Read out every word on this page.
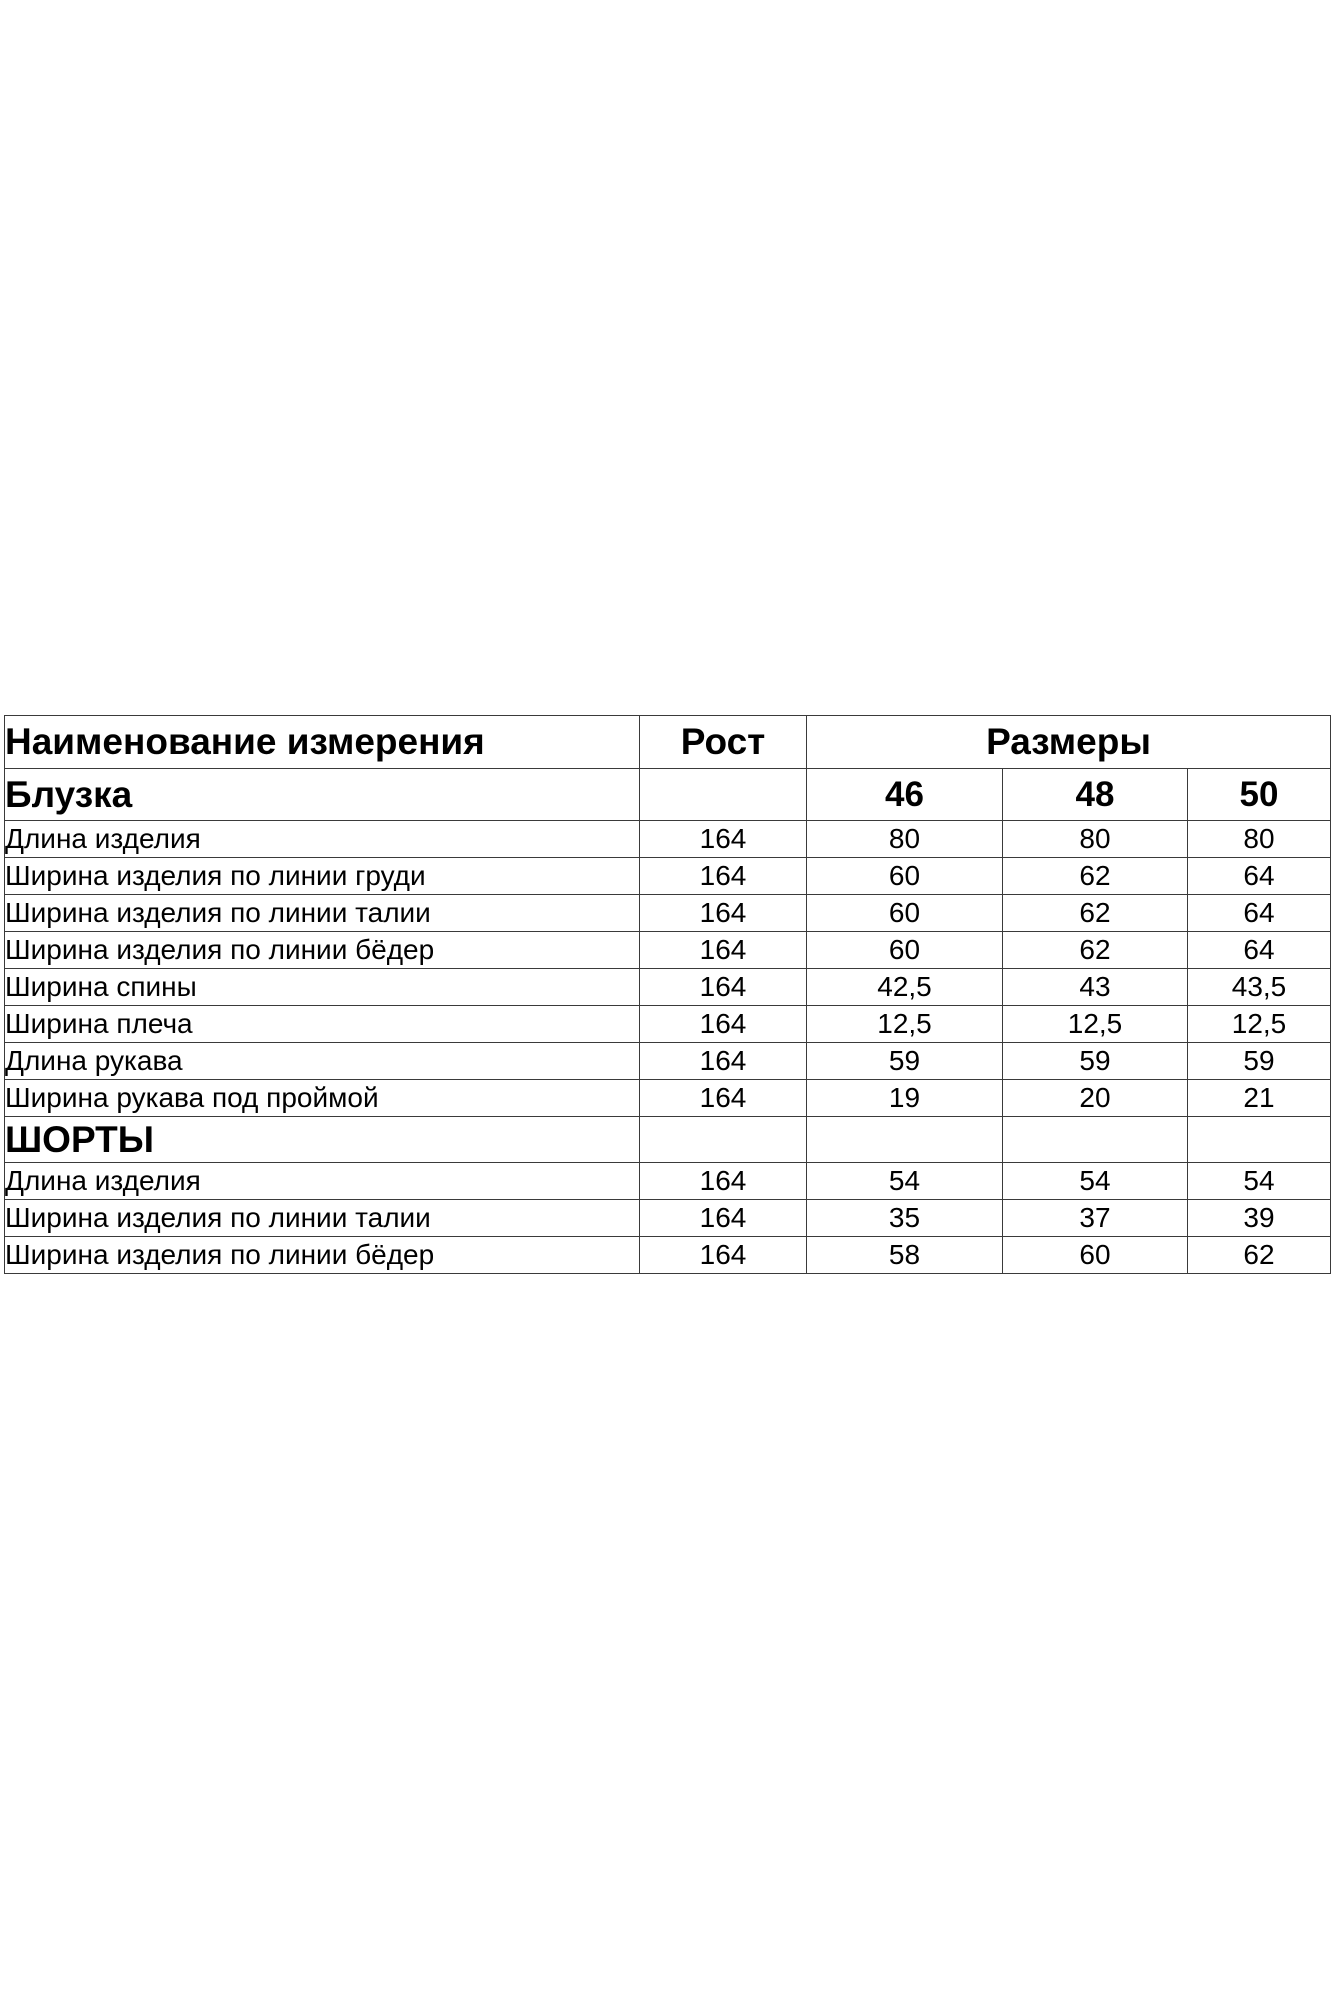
Наименование измерения	Рост	Размеры		
Блузка		46	48	50
Длина изделия	164	80	80	80
Ширина изделия по линии груди	164	60	62	64
Ширина изделия по линии талии	164	60	62	64
Ширина изделия по линии бёдер	164	60	62	64
Ширина спины	164	42,5	43	43,5
Ширина плеча	164	12,5	12,5	12,5
Длина рукава	164	59	59	59
Ширина рукава под проймой	164	19	20	21
ШОРТЫ				
Длина изделия	164	54	54	54
Ширина изделия по линии талии	164	35	37	39
Ширина изделия по линии бёдер	164	58	60	62
